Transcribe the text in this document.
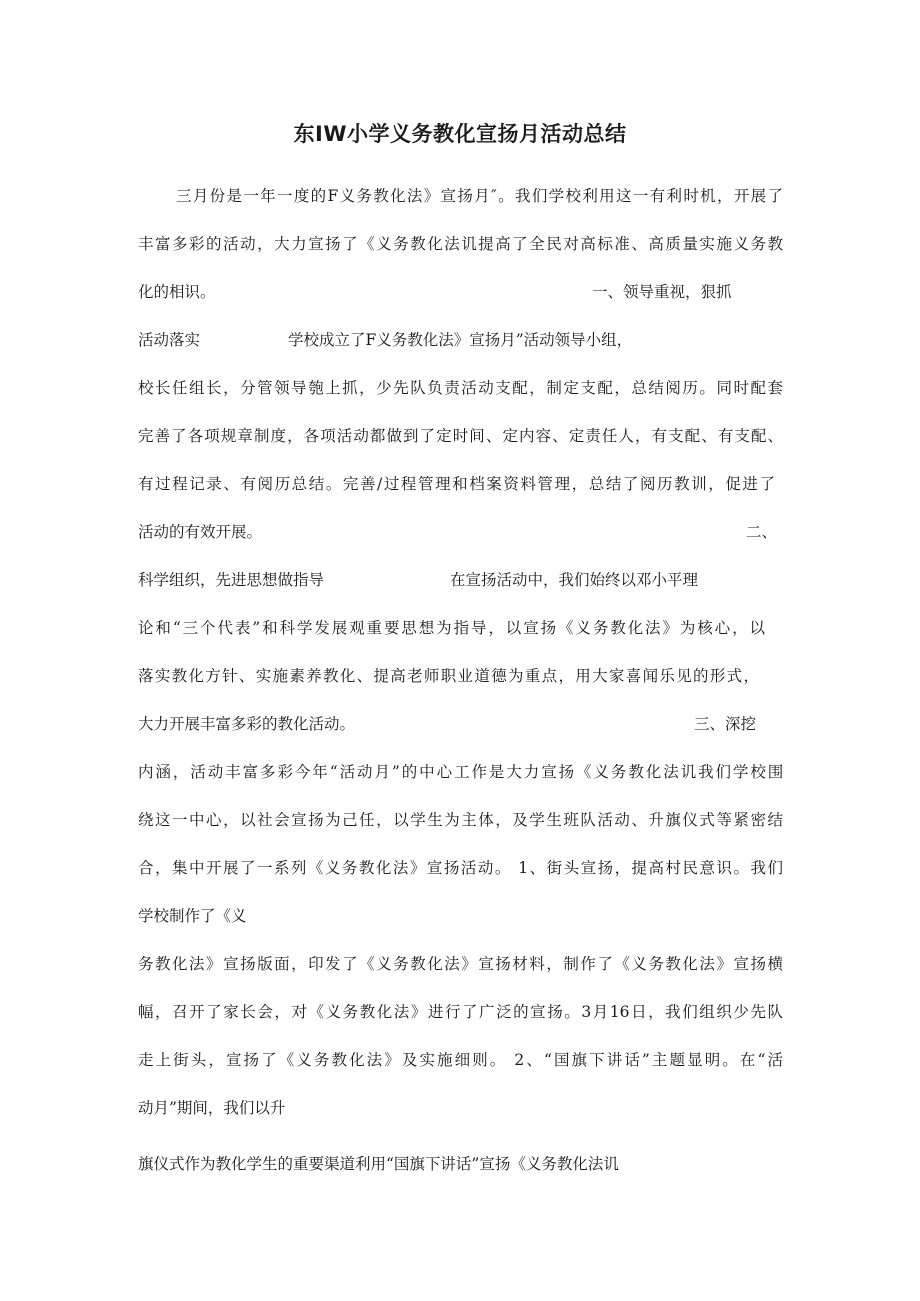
东IW小学义务教化宣扬月活动总结
三月份是一年一度的F义务教化法》宣扬月″。我们学校利用这一有利时机，开展了
丰富多彩的活动，大力宣扬了《义务教化法讥提高了全民对高标准、高质量实施义务教
化的相识。	一、领导重视，狠抓
活动落实	学校成立了F义务教化法》宣扬月”活动领导小组，
校长任组长，分管领导匏上抓，少先队负责活动支配，制定支配，总结阅历。同时配套
完善了各项规章制度，各项活动都做到了定时间、定内容、定责任人，有支配、有支配、
有过程记录、有阅历总结。完善/过程管理和档案资料管理，总结了阅历教训，促进了
活动的有效开展。	二、
科学组织，先进思想做指导	在宣扬活动中，我们始终以邓小平理
论和“三个代表”和科学发展观重要思想为指导，以宣扬《义务教化法》为核心，以
落实教化方针、实施素养教化、提高老师职业道德为重点，用大家喜闻乐见的形式，
大力开展丰富多彩的教化活动。	三、深挖
内涵，活动丰富多彩今年“活动月”的中心工作是大力宣扬《义务教化法讥我们学校围
绕这一中心，以社会宣扬为己任，以学生为主体，及学生班队活动、升旗仪式等紧密结
合，集中开展了一系列《义务教化法》宣扬活动。 1、街头宣扬，提高村民意识。我们
学校制作了《义
务教化法》宣扬版面，印发了《义务教化法》宣扬材料，制作了《义务教化法》宣扬横
幅，召开了家长会，对《义务教化法》进行了广泛的宣扬。3月16日，我们组织少先队
走上街头，宣扬了《义务教化法》及实施细则。 2、“国旗下讲话”主题显明。在“活
动月”期间，我们以升
旗仪式作为教化学生的重要渠道利用“国旗下讲话”宣扬《义务教化法讥
